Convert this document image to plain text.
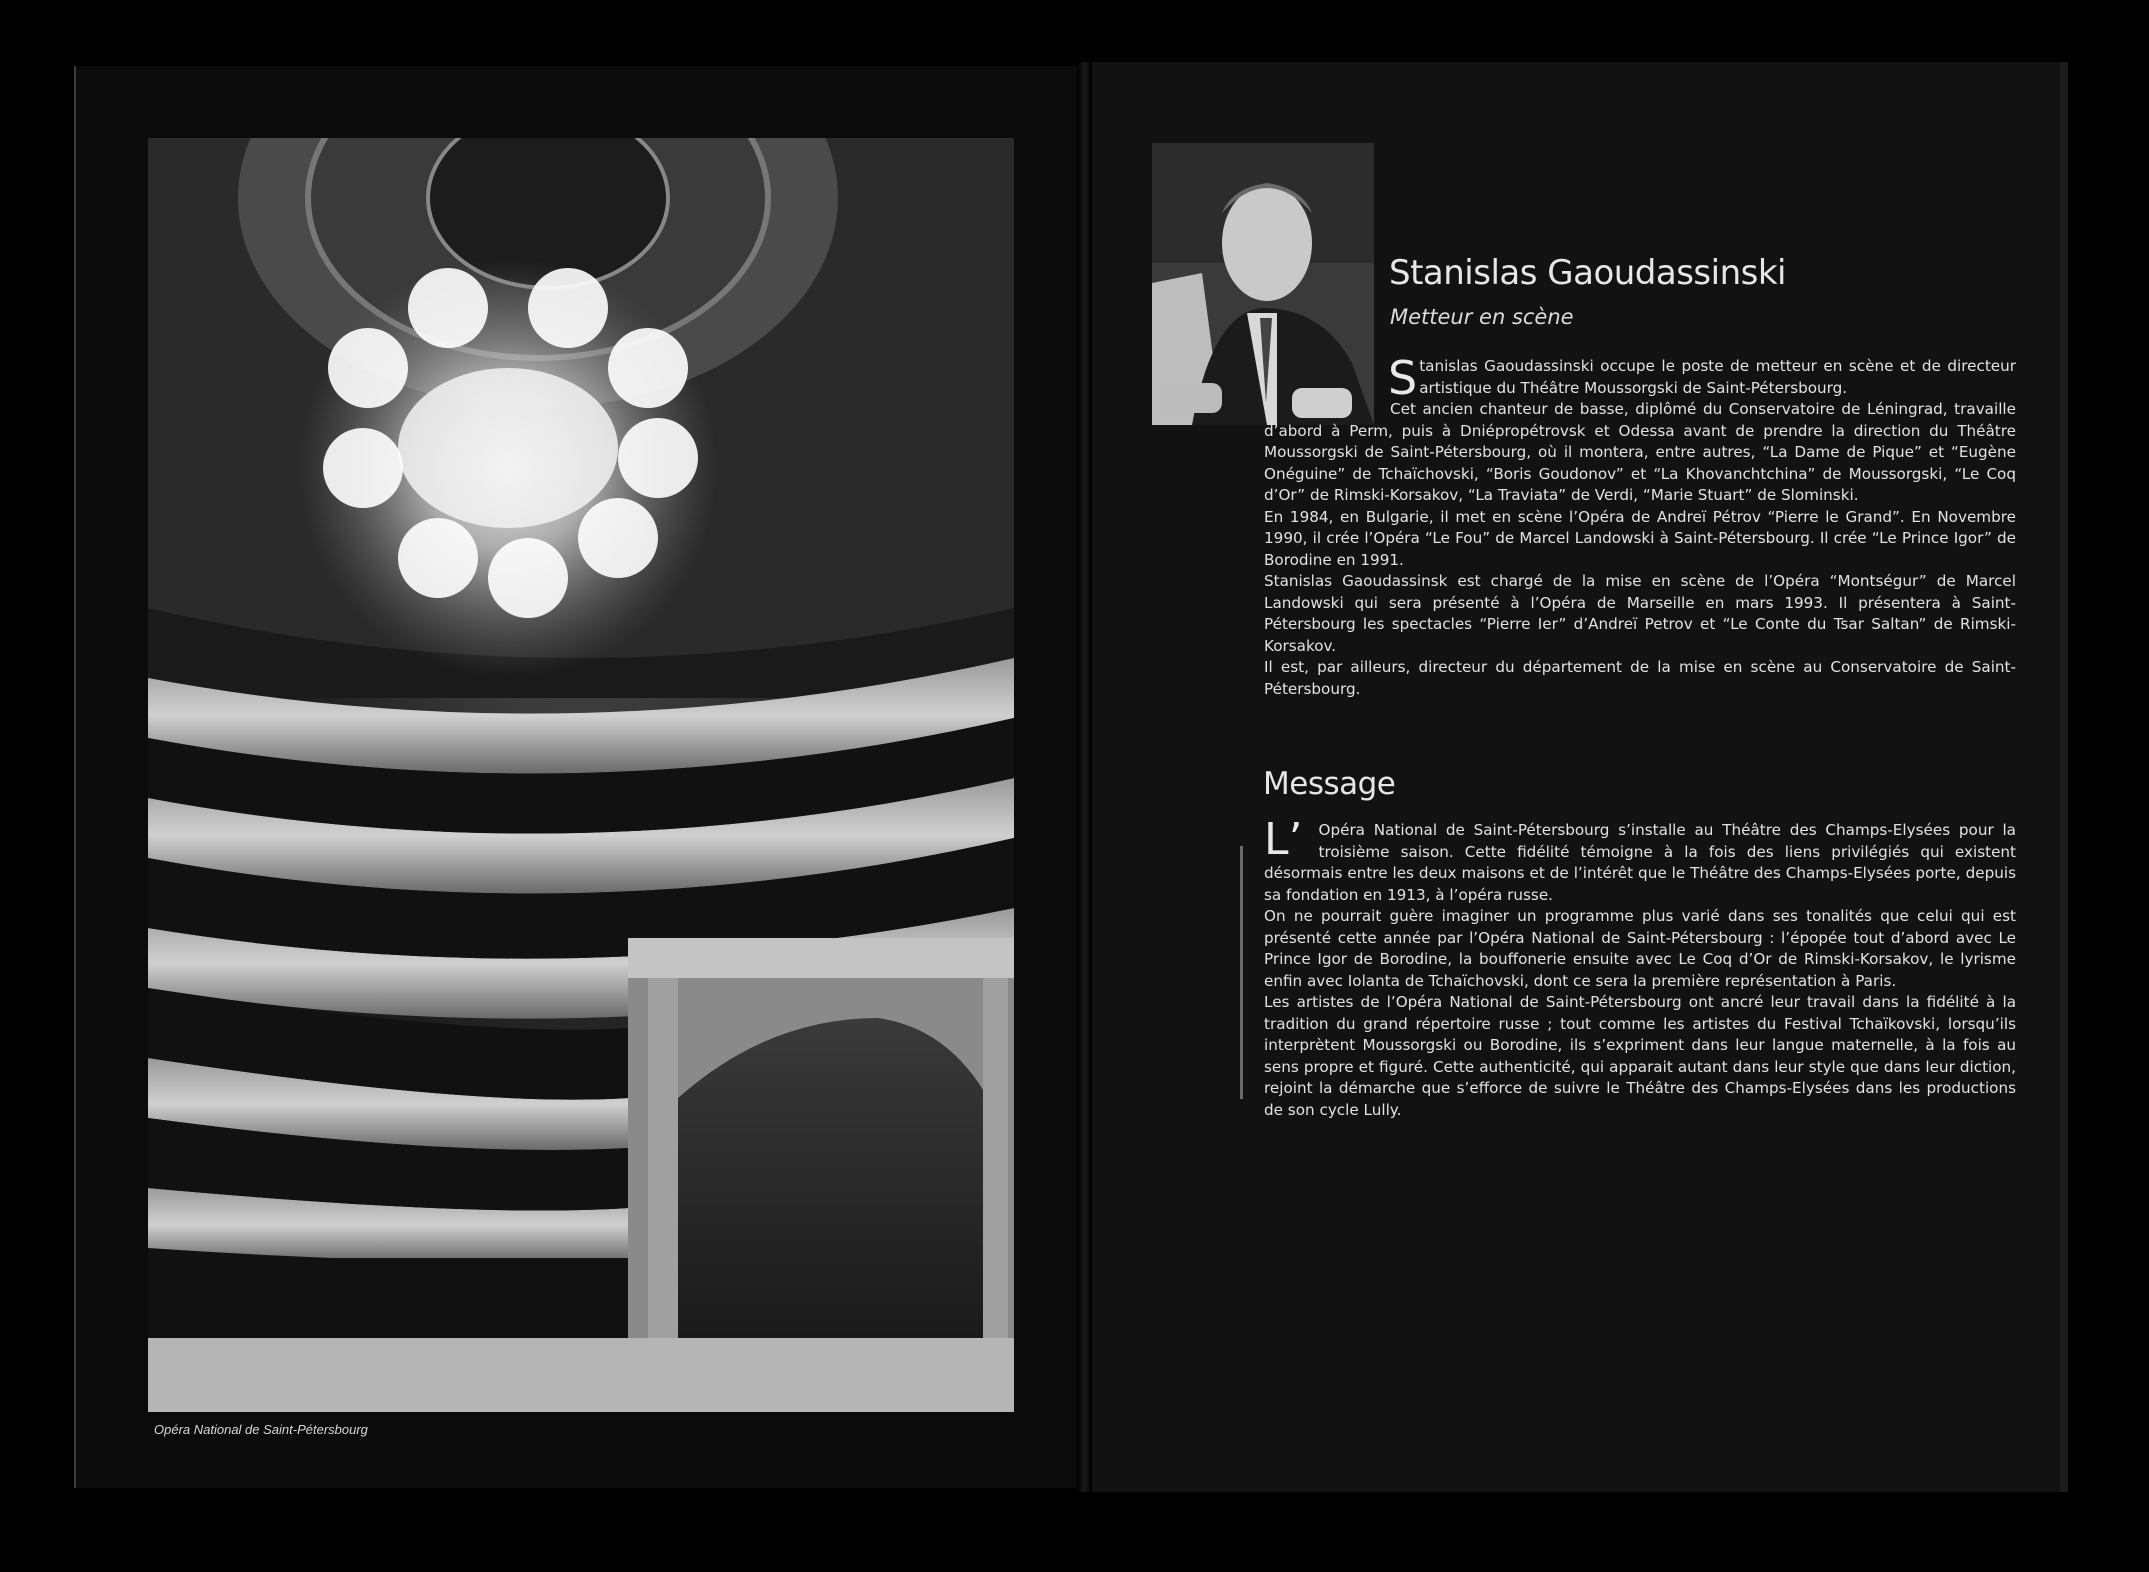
Opéra National de Saint-Pétersbourg
Stanislas Gaoudassinski
Metteur en scène

Stanislas Gaoudassinski occupe le poste de metteur en scène et de directeur artistique du Théâtre Moussorgski de Saint-Pétersbourg.

Cet ancien chanteur de basse, diplômé du Conservatoire de Léningrad, travaille d’abord à Perm, puis à Dniépropétrovsk et Odessa avant de prendre la direction du Théâtre Moussorgski de Saint-Pétersbourg, où il montera, entre autres, “La Dame de Pique” et “Eugène Onéguine” de Tchaïchovski, “Boris Goudonov” et “La Khovanchtchina” de Moussorgski, “Le Coq d’Or” de Rimski-Korsakov, “La Traviata” de Verdi, “Marie Stuart” de Slominski.

En 1984, en Bulgarie, il met en scène l’Opéra de Andreï Pétrov “Pierre le Grand”. En Novembre 1990, il crée l’Opéra “Le Fou” de Marcel Landowski à Saint-Pétersbourg. Il crée “Le Prince Igor” de Borodine en 1991.

Stanislas Gaoudassinsk est chargé de la mise en scène de l’Opéra “Montségur” de Marcel Landowski qui sera présenté à l’Opéra de Marseille en mars 1993. Il présentera à Saint-Pétersbourg les spectacles “Pierre Ier” d’Andreï Petrov et “Le Conte du Tsar Saltan” de Rimski-Korsakov.

Il est, par ailleurs, directeur du département de la mise en scène au Conservatoire de Saint-Pétersbourg.

Message

L’ Opéra National de Saint-Pétersbourg s’installe au Théâtre des Champs-Elysées pour la troisième saison. Cette fidélité témoigne à la fois des liens privilégiés qui existent désormais entre les deux maisons et de l’intérêt que le Théâtre des Champs-Elysées porte, depuis sa fondation en 1913, à l’opéra russe.

On ne pourrait guère imaginer un programme plus varié dans ses tonalités que celui qui est présenté cette année par l’Opéra National de Saint-Pétersbourg : l’épopée tout d’abord avec Le Prince Igor de Borodine, la bouffonerie ensuite avec Le Coq d’Or de Rimski-Korsakov, le lyrisme enfin avec Iolanta de Tchaïchovski, dont ce sera la première représentation à Paris.

Les artistes de l’Opéra National de Saint-Pétersbourg ont ancré leur travail dans la fidélité à la tradition du grand répertoire russe ; tout comme les artistes du Festival Tchaïkovski, lorsqu’ils interprètent Moussorgski ou Borodine, ils s’expriment dans leur langue maternelle, à la fois au sens propre et figuré. Cette authenticité, qui apparait autant dans leur style que dans leur diction, rejoint la démarche que s’efforce de suivre le Théâtre des Champs-Elysées dans les productions de son cycle Lully.
